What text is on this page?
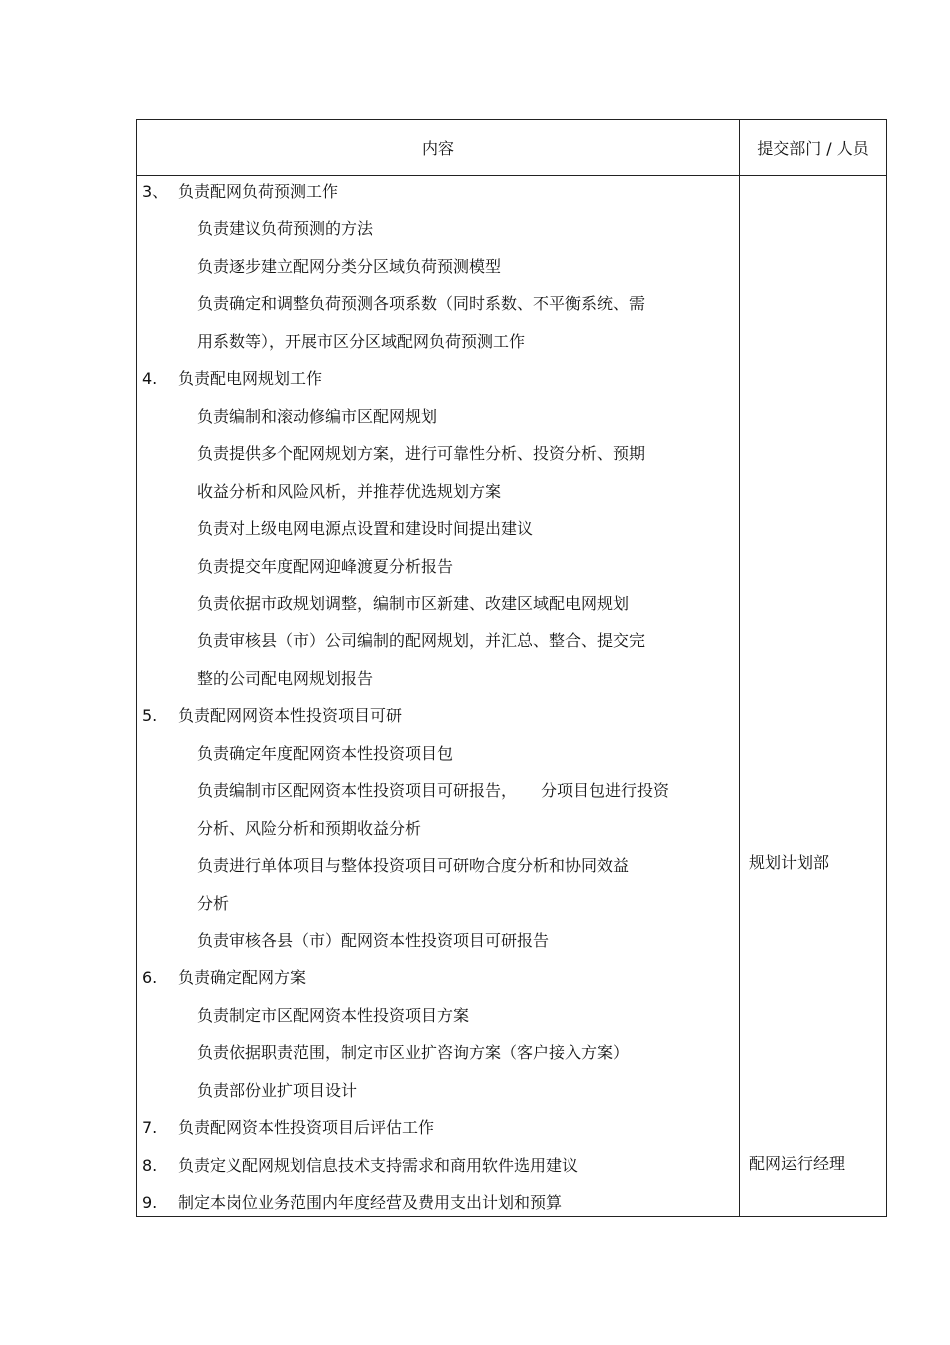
内容	提交部门 / 人员
3、 负责配网负荷预测工作
负责建议负荷预测的方法
负责逐步建立配网分类分区域负荷预测模型
负责确定和调整负荷预测各项系数（同时系数、不平衡系统、需
用系数等），开展市区分区域配网负荷预测工作
4. 负责配电网规划工作
负责编制和滚动修编市区配网规划
负责提供多个配网规划方案，进行可靠性分析、投资分析、预期
收益分析和风险风析，并推荐优选规划方案
负责对上级电网电源点设置和建设时间提出建议
负责提交年度配网迎峰渡夏分析报告
负责依据市政规划调整，编制市区新建、改建区域配电网规划
负责审核县（市）公司编制的配网规划，并汇总、整合、提交完
整的公司配电网规划报告
5. 负责配网网资本性投资项目可研
负责确定年度配网资本性投资项目包
负责编制市区配网资本性投资项目可研报告，　　分项目包进行投资
分析、风险分析和预期收益分析
负责进行单体项目与整体投资项目可研吻合度分析和协同效益
分析
负责审核各县（市）配网资本性投资项目可研报告
6. 负责确定配网方案
负责制定市区配网资本性投资项目方案
负责依据职责范围，制定市区业扩咨询方案（客户接入方案）
负责部份业扩项目设计
7. 负责配网资本性投资项目后评估工作
8. 负责定义配网规划信息技术支持需求和商用软件选用建议
9. 制定本岗位业务范围内年度经营及费用支出计划和预算
规划计划部
配网运行经理
